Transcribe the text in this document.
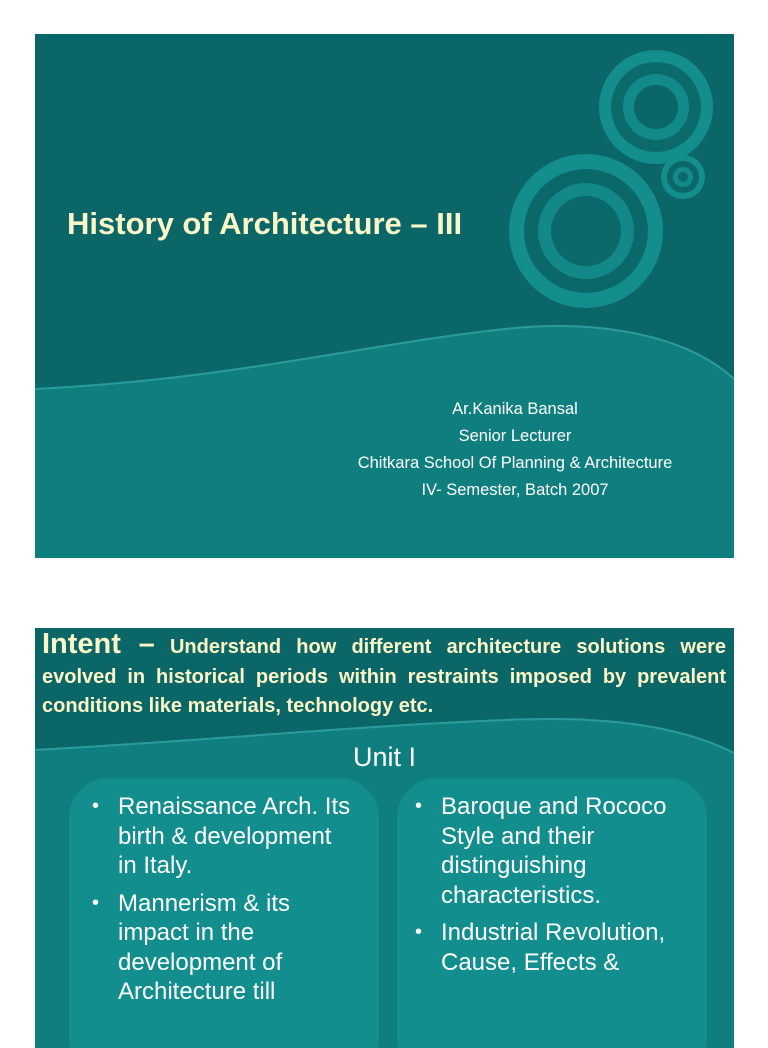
History of Architecture – III
Ar.Kanika Bansal
Senior Lecturer
Chitkara School Of Planning & Architecture
IV- Semester, Batch 2007
Intent – Understand how different architecture solutions were evolved in historical periods within restraints imposed by prevalent conditions like materials, technology etc.
Unit I
• Renaissance Arch. Its birth & development in Italy.
• Mannerism & its impact in the development of Architecture till
• Baroque and Rococo Style and their distinguishing characteristics.
• Industrial Revolution, Cause, Effects &
